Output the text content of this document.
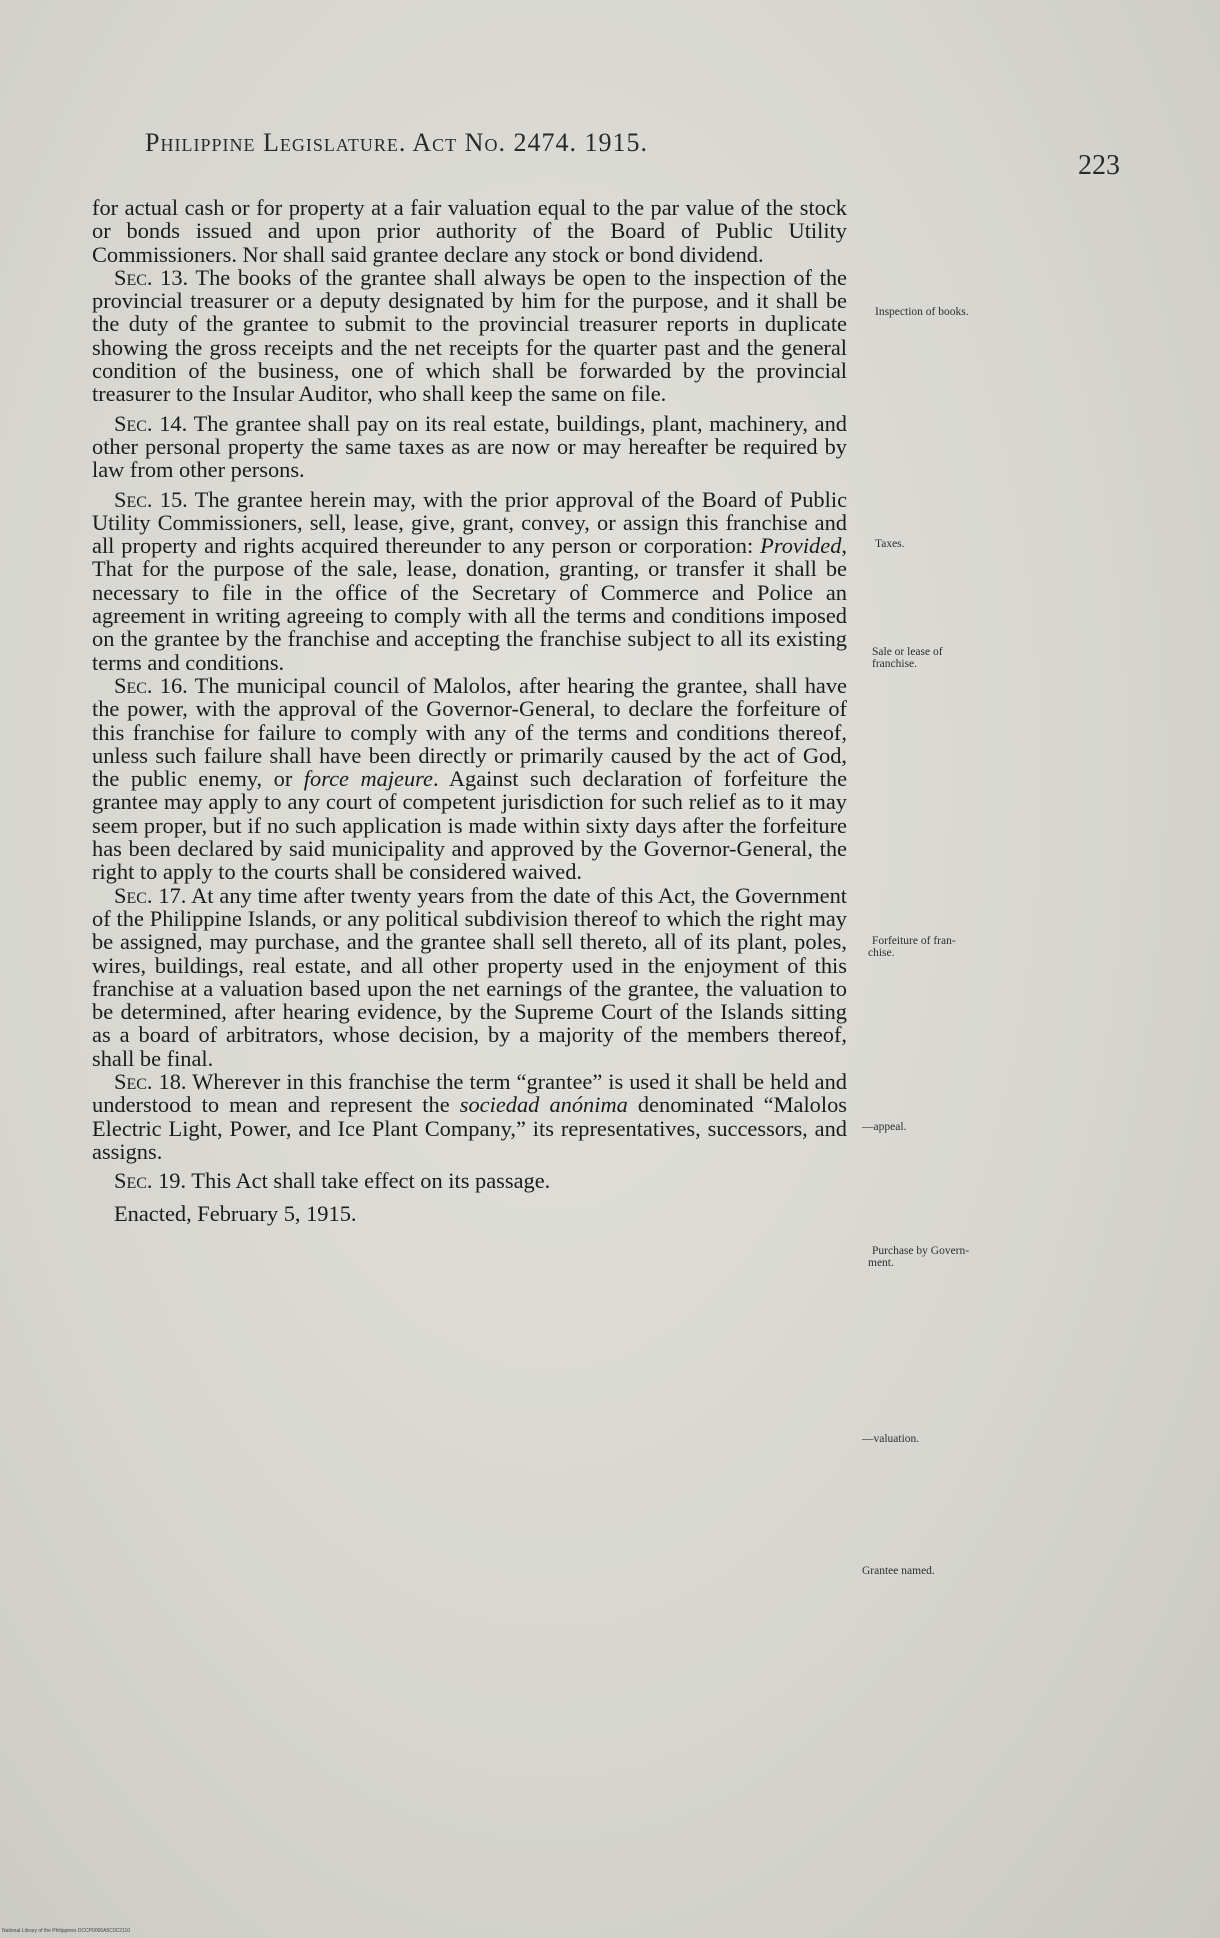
Philippine Legislature. Act No. 2474. 1915.
223

for actual cash or for property at a fair valuation equal to the par value of the stock or bonds issued and upon prior authority of the Board of Public Utility Commissioners. Nor shall said grantee declare any stock or bond dividend.

Sec. 13. The books of the grantee shall always be open to the inspection of the provincial treasurer or a deputy designated by him for the purpose, and it shall be the duty of the grantee to submit to the provincial treasurer reports in duplicate showing the gross receipts and the net receipts for the quarter past and the general condition of the business, one of which shall be forwarded by the provincial treasurer to the Insular Auditor, who shall keep the same on file.

Sec. 14. The grantee shall pay on its real estate, buildings, plant, machinery, and other personal property the same taxes as are now or may hereafter be required by law from other persons.

Sec. 15. The grantee herein may, with the prior approval of the Board of Public Utility Commissioners, sell, lease, give, grant, convey, or assign this franchise and all property and rights acquired thereunder to any person or corporation: Provided, That for the purpose of the sale, lease, donation, granting, or transfer it shall be necessary to file in the office of the Secretary of Commerce and Police an agreement in writing agreeing to comply with all the terms and conditions imposed on the grantee by the franchise and accepting the franchise subject to all its existing terms and conditions.

Sec. 16. The municipal council of Malolos, after hearing the grantee, shall have the power, with the approval of the Governor-General, to declare the forfeiture of this franchise for failure to comply with any of the terms and conditions thereof, unless such failure shall have been directly or primarily caused by the act of God, the public enemy, or force majeure. Against such declaration of forfeiture the grantee may apply to any court of competent jurisdiction for such relief as to it may seem proper, but if no such application is made within sixty days after the forfeiture has been declared by said municipality and approved by the Governor-General, the right to apply to the courts shall be considered waived.

Sec. 17. At any time after twenty years from the date of this Act, the Government of the Philippine Islands, or any political subdivision thereof to which the right may be assigned, may purchase, and the grantee shall sell thereto, all of its plant, poles, wires, buildings, real estate, and all other property used in the enjoyment of this franchise at a valuation based upon the net earnings of the grantee, the valuation to be determined, after hearing evidence, by the Supreme Court of the Islands sitting as a board of arbitrators, whose decision, by a majority of the members thereof, shall be final.

Sec. 18. Wherever in this franchise the term “grantee” is used it shall be held and understood to mean and represent the sociedad anónima denominated “Malolos Electric Light, Power, and Ice Plant Company,” its representatives, successors, and assigns.

Sec. 19. This Act shall take effect on its passage.

Enacted, February 5, 1915.

Inspection of books.
Taxes.
Sale or lease of
franchise.
Forfeiture of fran-
chise.
—appeal.
Purchase by Govern-
ment.
—valuation.
Grantee named.
National Library of the Philippines DCCP0000A5C0C2110
